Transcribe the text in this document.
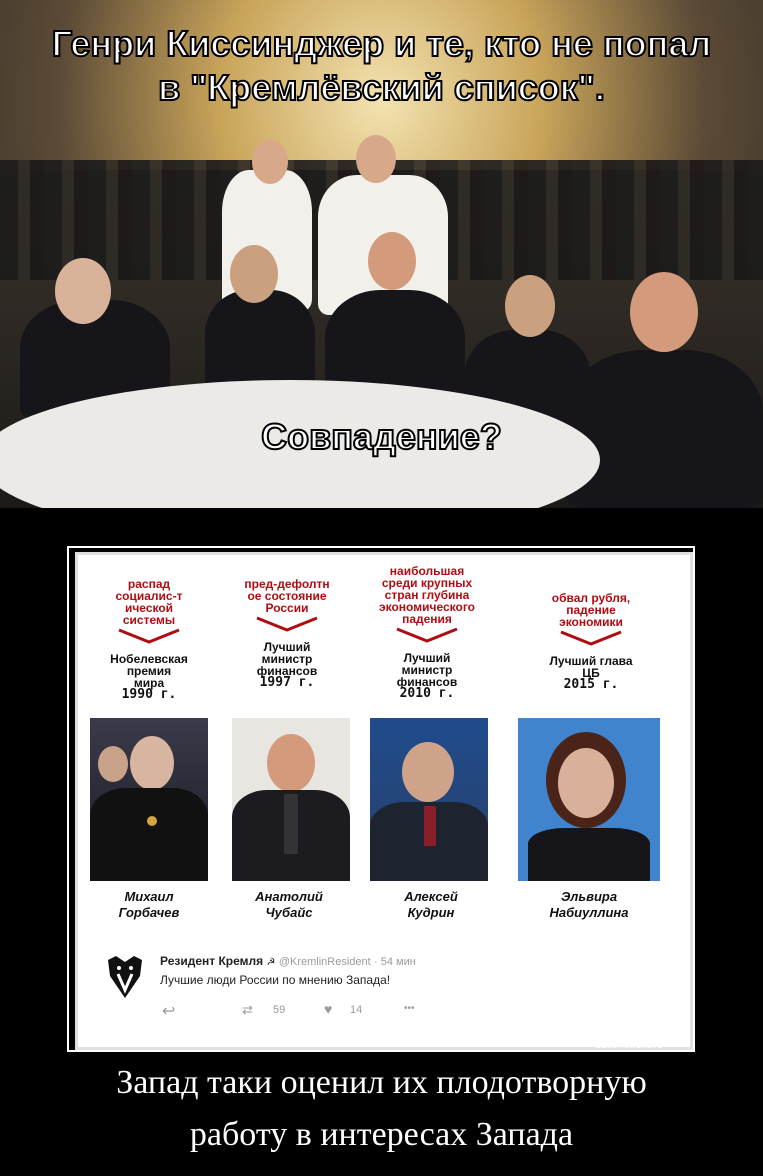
Генри Киссинджер и те, кто не попал
в "Кремлёвский список".
Совпадение?
распад
социалис-т
ической
системы
Нобелевская
премия
мира
1990 г.
Михаил
Горбачев
пред-дефолтн
ое состояние
России
Лучший
министр
финансов
1997 г.
Анатолий
Чубайс
наибольшая
среди крупных
стран глубина
экономического
падения
Лучший
министр
финансов
2010 г.
Алексей
Кудрин
обвал рубля,
падение
экономики
Лучший глава
ЦБ
2015 г.
Эльвира
Набиуллина
Резидент Кремля ☭ @KremlinResident · 54 мин
Лучшие люди России по мнению Запада!
↩	⇄ 59	♥ 14	•••
DEMOTIVATORS.TO
Запад таки оценил их плодотворную
работу в интересах Запада
